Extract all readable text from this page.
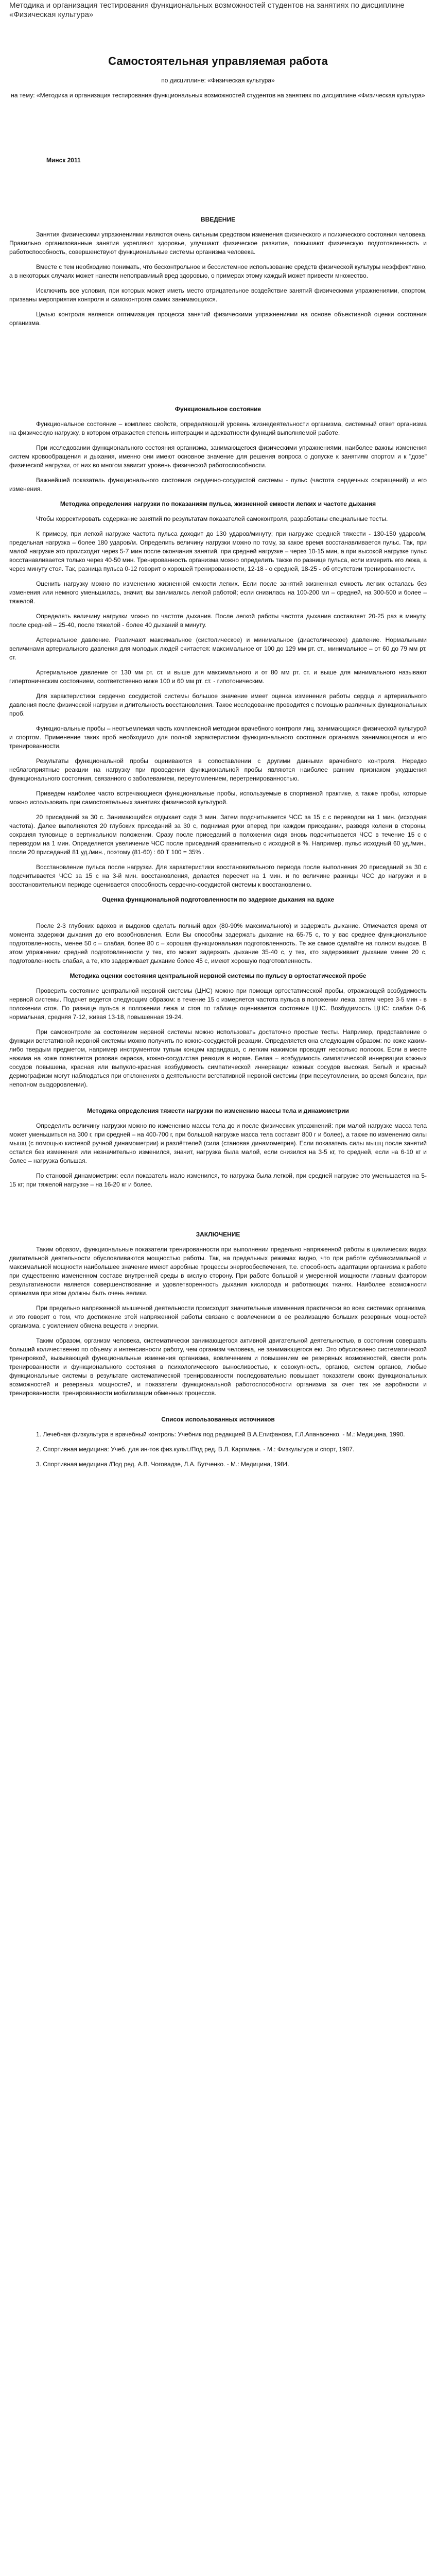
Методика и организация тестирования функциональных возможностей студентов на занятиях по дисциплине «Физическая культура»
Самостоятельная управляемая работа

по дисциплине: «Физическая культура»

на тему: «Методика и организация тестирования функциональных возможностей студентов на занятиях по дисциплине «Физическая культура»

Минск 2011

ВВЕДЕНИЕ

Занятия физическими упражнениями являются очень сильным средством изменения физического и психического состояния человека. Правильно организованные занятия укрепляют здоровье, улучшают физическое развитие, повышают физическую подготовленность и работоспособность, совершенствуют функциональные системы организма человека.

Вместе с тем необходимо понимать, что бесконтрольное и бессистемное использование средств физической культуры неэффективно, а в некоторых случаях может нанести непоправимый вред здоровью, о примерах этому каждый может привести множество.

Исключить все условия, при которых может иметь место отрицательное воздействие занятий физическими упражнениями, спортом, призваны мероприятия контроля и самоконтроля самих занимающихся.

Целью контроля является оптимизация процесса занятий физическими упражнениями на основе объективной оценки состояния организма.

Функциональное состояние

Функциональное состояние – комплекс свойств, определяющий уровень жизнедеятельности организма, системный ответ организма на физическую нагрузку, в котором отражается степень интеграции и адекватности функций выполняемой работе.

При исследовании функционального состояния организма, занимающегося физическими упражнениями, наиболее важны изменения систем кровообращения и дыхания, именно они имеют основное значение для решения вопроса о допуске к занятиям спортом и к "дозе" физической нагрузки, от них во многом зависит уровень физической работоспособности.

Важнейшей показатель функционального состояния сердечно-сосудистой системы - пульс (частота сердечных сокращений) и его изменения.

Методика определения нагрузки по показаниям пульса, жизненной емкости легких и частоте дыхания

Чтобы корректировать содержание занятий по результатам показателей самоконтроля, разработаны специальные тесты.

К примеру, при легкой нагрузке частота пульса доходит до 130 ударов/минуту; при нагрузке средней тяжести - 130-150 ударов/м, предельная нагрузка – более 180 ударов/м. Определить величину нагрузки можно по тому, за какое время восстанавливается пульс. Так, при малой нагрузке это происходит через 5-7 мин после окончания занятий, при средней нагрузке – через 10-15 мин, а при высокой нагрузке пульс восстанавливается только через 40-50 мин. Тренированность организма можно определить также по разнице пульса, если измерить его лежа, а через минуту стоя. Так, разница пульса 0-12 говорит о хорошей тренированности, 12-18 - о средней, 18-25 - об отсутствии тренированности.

Оценить нагрузку можно по изменению жизненной емкости легких. Если после занятий жизненная емкость легких осталась без изменения или немного уменьшилась, значит, вы занимались легкой работой; если снизилась на 100-200 мл – средней, на 300-500 и более – тяжелой.

Определять величину нагрузки можно по частоте дыхания. После легкой работы частота дыхания составляет 20-25 раз в минуту, после средней – 25-40, после тяжелой - более 40 дыханий в минуту.

Артериальное давление. Различают максимальное (систолическое) и минимальное (диастолическое) давление. Нормальными величинами артериального давления для молодых людей считается: максимальное от 100 до 129 мм рт. ст., минимальное – от 60 до 79 мм рт. ст.

Артериальное давление от 130 мм рт. ст. и выше для максимального и от 80 мм рт. ст. и выше для минимального называют гипертоническим состоянием, соответственно ниже 100 и 60 мм рт. ст. - гипотоническим.

Для характеристики сердечно сосудистой системы большое значение имеет оценка изменения работы сердца и артериального давления после физической нагрузки и длительность восстановления. Такое исследование проводится с помощью различных функциональных проб.

Функциональные пробы – неотъемлемая часть комплексной методики врачебного контроля лиц, занимающихся физической культурой и спортом. Применение таких проб необходимо для полной характеристики функционального состояния организма занимающегося и его тренированности.

Результаты функциональной пробы оцениваются в сопоставлении с другими данными врачебного контроля. Нередко неблагоприятные реакции на нагрузку при проведении функциональной пробы являются наиболее ранним признаком ухудшения функционального состояния, связанного с заболеванием, переутомлением, перетренированностью.

Приведем наиболее часто встречающиеся функциональные пробы, используемые в спортивной практике, а также пробы, которые можно использовать при самостоятельных занятиях физической культурой.

20 приседаний за 30 с. Занимающийся отдыхает сидя 3 мин. Затем подсчитывается ЧСС за 15 с с переводом на 1 мин. (исходная частота). Далее выполняются 20 глубоких приседаний за 30 с, поднимая руки вперед при каждом приседании, разводя колени в стороны, сохраняя туловище в вертикальном положении. Сразу после приседаний в положении сидя вновь подсчитывается ЧСС в течение 15 с с переводом на 1 мин. Определяется увеличение ЧСС после приседаний сравнительно с исходной в %. Например, пульс исходный 60 уд./мин., после 20 приседаний 81 уд./мин., поэтому (81-60) : 60 Т 100 = 35% .

Восстановление пульса после нагрузки. Для характеристики восстановительного периода после выполнения 20 приседаний за 30 с подсчитывается ЧСС за 15 с на 3-й мин. восстановления, делается пересчет на 1 мин. и по величине разницы ЧСС до нагрузки и в восстановительном периоде оценивается способность сердечно-сосудистой системы к восстановлению.

Оценка функциональной подготовленности по задержке дыхания на вдохе

После 2-3 глубоких вдохов и выдохов сделать полный вдох (80-90% максимального) и задержать дыхание. Отмечается время от момента задержки дыхания до его возобновления. Если Вы способны задержать дыхание на 65-75 с, то у вас среднее функциональное подготовленность, менее 50 с – слабая, более 80 с – хорошая функциональная подготовленность. Те же самое сделайте на полном выдохе. В этом упражнении средней подготовленности у тех, кто может задержать дыхание 35-40 с, у тех, кто задерживает дыхание менее 20 с, подготовленность слабая, а те, кто задерживает дыхание более 45 с, имеют хорошую подготовленность.

Методика оценки состояния центральной нервной системы по пульсу в ортостатической пробе

Проверить состояние центральной нервной системы (ЦНС) можно при помощи ортостатической пробы, отражающей возбудимость нервной системы. Подсчет ведется следующим образом: в течение 15 с измеряется частота пульса в положении лежа, затем через 3-5 мин - в положении стоя. По разнице пульса в положении лежа и стоя по таблице оценивается состояние ЦНС. Возбудимость ЦНС: слабая 0-6, нормальная, средняя 7-12, живая 13-18, повышенная 19-24.

При самоконтроле за состоянием нервной системы можно использовать достаточно простые тесты. Например, представление о функции вегетативной нервной системы можно получить по кожно-сосудистой реакции. Определяется она следующим образом: по коже каким-либо твердым предметом, например инструментом тупым концом карандаша, с легким нажимом проводят несколько полосок. Если в месте нажима на коже появляется розовая окраска, кожно-сосудистая реакция в норме. Белая – возбудимость симпатической иннервации кожных сосудов повышена, красная или выпукло-красная возбудимость симпатической иннервации кожных сосудов высокая. Белый и красный дермографизм могут наблюдаться при отклонениях в деятельности вегетативной нервной системы (при переутомлении, во время болезни, при неполном выздоровлении).

Методика определения тяжести нагрузки по изменению массы тела и динамометрии

Определить величину нагрузки можно по изменению массы тела до и после физических упражнений: при малой нагрузке масса тела может уменьшиться на 300 г, при средней – на 400-700 г, при большой нагрузке масса тела составит 800 г и более), а также по изменению силы мышц (с помощью кистевой ручной динамометрии) и разлёттелей (сила (становая динамометрия). Если показатель силы мышц после занятий остался без изменения или незначительно изменился, значит, нагрузка была малой, если снизился на 3-5 кг, то средней, если на 6-10 кг и более – нагрузка большая.

По становой динамометрии: если показатель мало изменился, то нагрузка была легкой, при средней нагрузке это уменьшается на 5-15 кг; при тяжелой нагрузке – на 16-20 кг и более.

ЗАКЛЮЧЕНИЕ

Таким образом, функциональные показатели тренированности при выполнении предельно напряженной работы в циклических видах двигательной деятельности обусловливаются мощностью работы. Так, на предельных режимах видно, что при работе субмаксимальной и максимальной мощности наибольшее значение имеют аэробные процессы энергообеспечения, т.е. способность адаптации организма к работе при существенно измененном составе внутренней среды в кислую сторону. При работе большой и умеренной мощности главным фактором результативности является совершенствование и удовлетворенность дыхания кислорода и работающих тканях. Наиболее возможности организма при этом должны быть очень велики.

При предельно напряженной мышечной деятельности происходит значительные изменения практически во всех системах организма, и это говорит о том, что достижение этой напряженной работы связано с вовлечением в ее реализацию больших резервных мощностей организма, с усилением обмена веществ и энергии.

Таким образом, организм человека, систематически занимающегося активной двигательной деятельностью, в состоянии совершать больший количественно по объему и интенсивности работу, чем организм человека, не занимающегося ею. Это обусловлено систематической тренировкой, вызывающей функциональные изменения организма, вовлечением и повышением ее резервных возможностей, свести роль тренированности и функционального состояния в психологического выносливостью, к совокупность, органов, систем органов, любые функциональные системы в результате систематической тренированности последовательно повышает показатели своих функциональных возможностей и резервных мощностей, и показатели функциональной работоспособности организма за счет тех же аэробности и тренированности, тренированности мобилизации обменных процессов.

Список использованных источников

1. Лечебная физкультура в врачебный контроль: Учебник под редакцией В.А.Епифанова, Г.Л.Апанасенко. - М.: Медицина, 1990.

2. Спортивная медицина: Учеб. для ин-тов физ.культ./Под ред. В.Л. Карпмана. - М.: Физкультура и спорт, 1987.

3. Спортивная медицина /Под ред. А.В. Чоговадзе, Л.А. Бутченко. - М.: Медицина, 1984.
